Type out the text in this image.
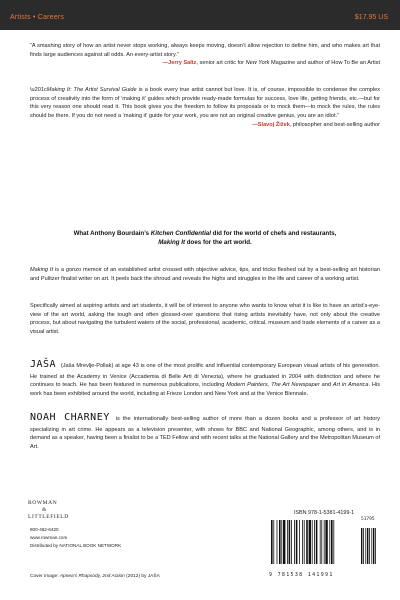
Artists • Careers	$17.95 US
“A smashing story of how an artist never stops working, always keeps moving, doesn’t allow rejection to define him, and who makes art that finds large audiences against all odds. An every-artist story.”
—Jerry Saltz, senior art critic for New York Magazine and author of How To Be an Artist
\u201cMaking It: The Artist Survival Guide is a book every true artist cannot but love. It is, of course, impossible to condense the complex process of creativity into the form of ‘making it’ guides which provide ready-made formulas for success, love life, getting friends, etc.—but for this very reason one should read it. This book gives you the freedom to follow its proposals or to mock them—to mock the rules, the rules should be there. If you do not need a ‘making it’ guide for your work, you are not an original creative genius, you are an idiot.”
—Slavoj Žižek, philosopher and best-selling author
What Anthony Bourdain’s Kitchen Confidential did for the world of chefs and restaurants,
Making It does for the art world.
Making It is a gonzo memoir of an established artist crossed with objective advice, tips, and tricks fleshed out by a best-selling art historian and Pulitzer finalist writer on art. It peels back the shroud and reveals the highs and struggles in the life and career of a working artist.
Specifically aimed at aspiring artists and art students, it will be of interest to anyone who wants to know what it is like to have an artist’s-eye-view of the art world, asking the tough and often glossed-over questions that rising artists inevitably have, not only about the creative process, but about navigating the turbulent waters of the social, professional, academic, critical, museum and trade elements of a career as a visual artist.
JAŠA (Jaša Mrevlje-Pollak) at age 43 is one of the most prolific and influential contemporary European visual artists of his generation. He trained at the Academy in Venice (Accademia di Belle Arti di Venezia), where he graduated in 2004 with distinction and where he continues to teach. He has been featured in numerous publications, including Modern Painters, The Art Newspaper and Art in America. His work has been exhibited around the world, including at Frieze London and New York and at the Venice Biennale.
NOAH CHARNEY is the internationally best-selling author of more than a dozen books and a professor of art history specializing in art crime. He appears as a television presenter, with shows for BBC and National Geographic, among others, and is in demand as a speaker, having been a finalist to be a TED Fellow and with recent talks at the National Gallery and the Metropolitan Museum of Art.
ROWMAN
&
LITTLEFIELD
800-462-6420
www.rowman.com
Distributed by NATIONAL BOOK NETWORK
ISBN 978-1-5381-4199-1
51795
9 781538 141991
Cover image: Apnea’s Rhapsody, 2nd Action (2012) by JAŠA
